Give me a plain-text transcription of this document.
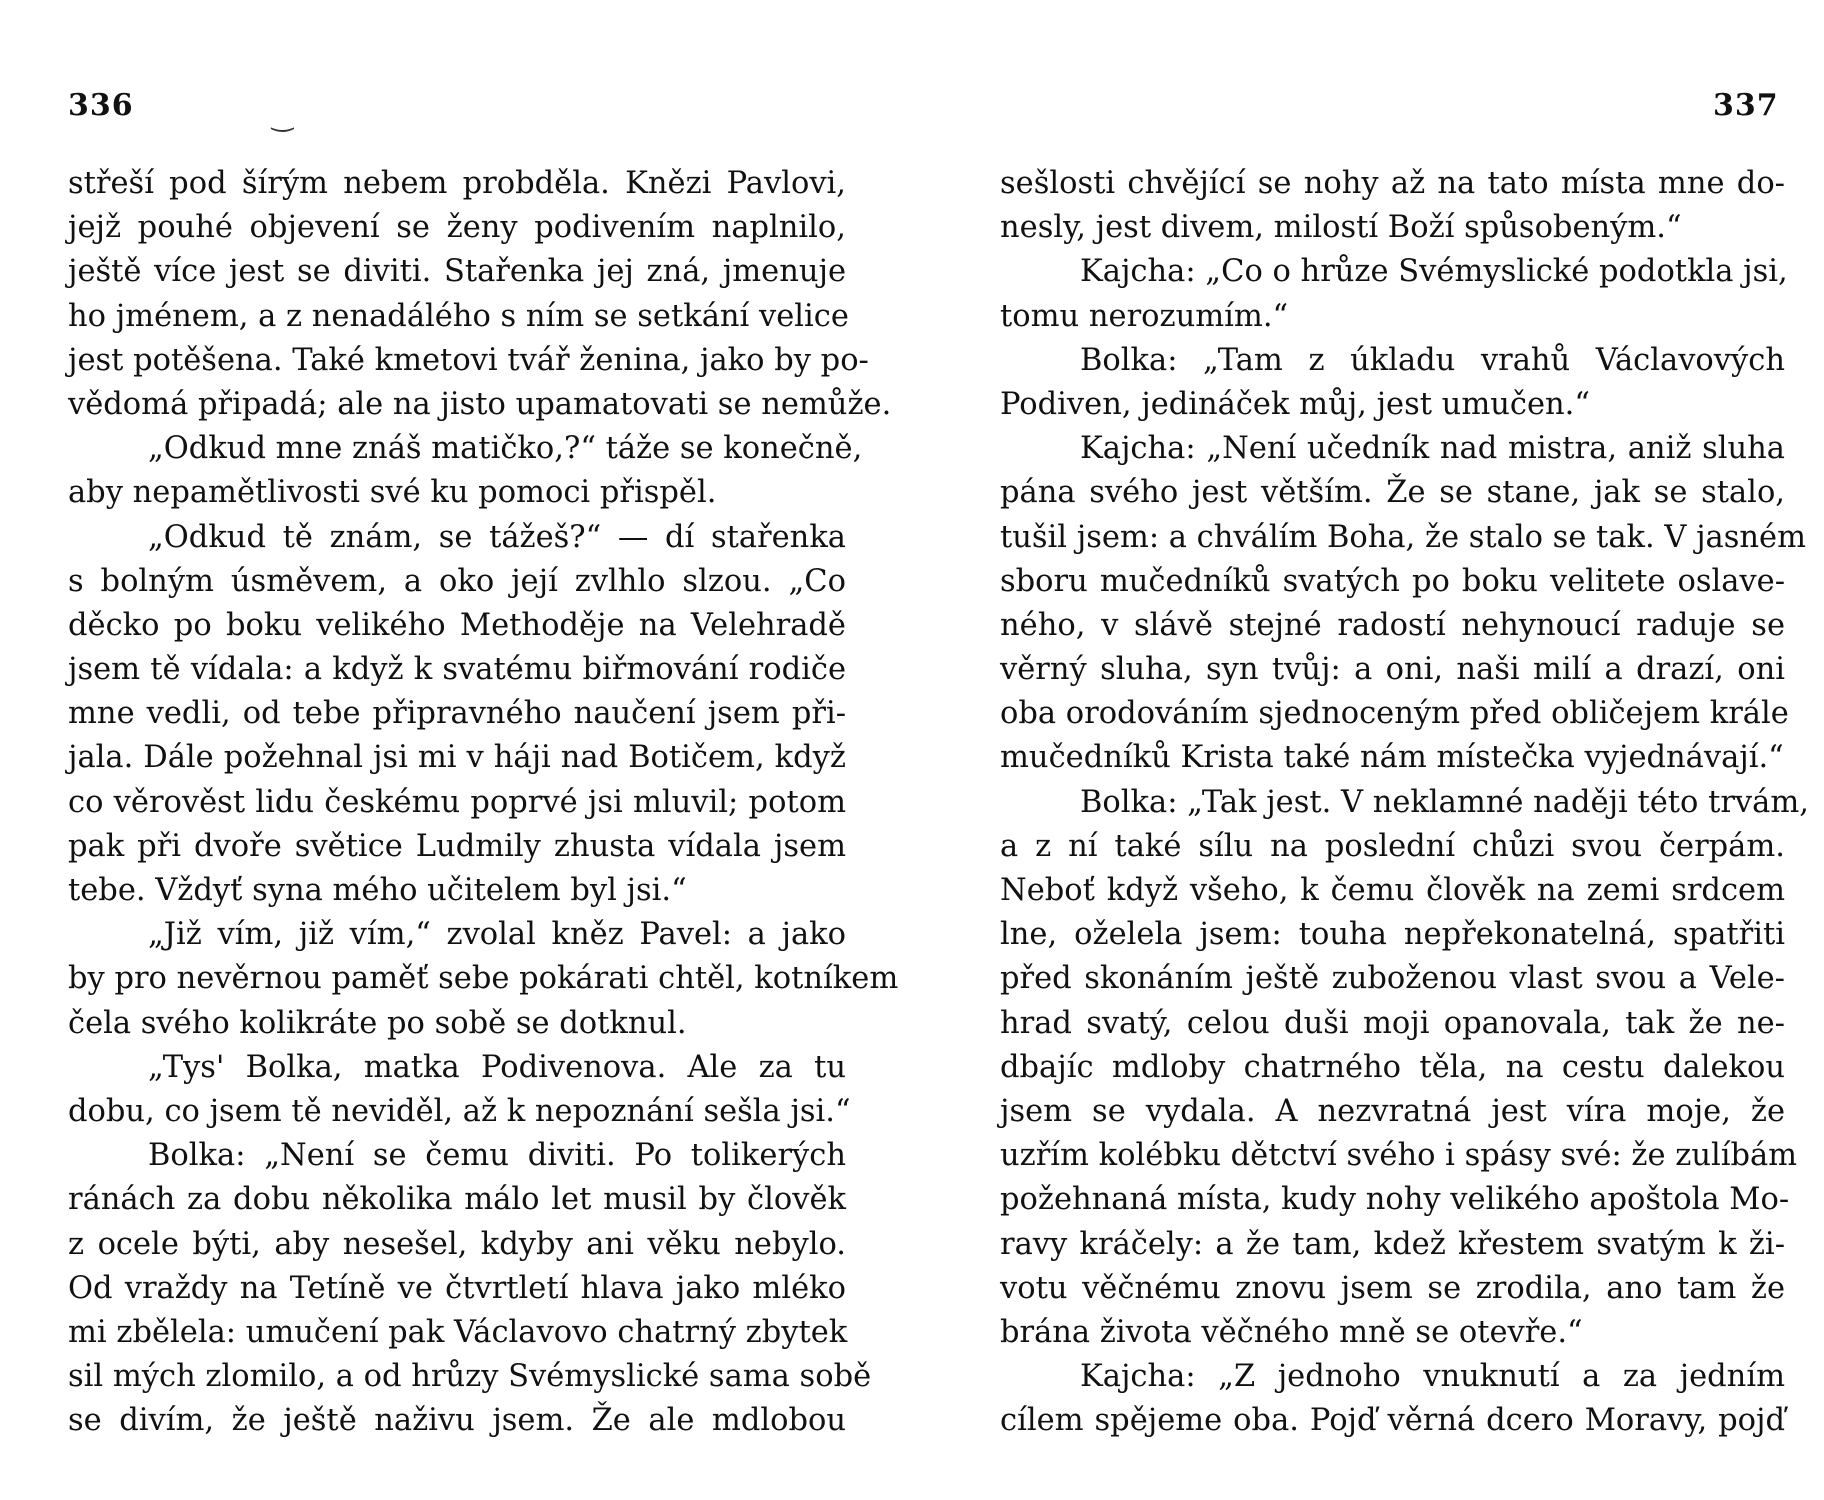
336	‿
střeší pod šírým nebem probděla. Knězi Pavlovi,
jejž pouhé objevení se ženy podivením naplnilo,
ještě více jest se diviti. Stařenka jej zná, jmenuje
ho jménem, a z nenadálého s ním se setkání velice
jest potěšena. Také kmetovi tvář ženina, jako by po-
vědomá připadá; ale na jisto upamatovati se nemůže.
„Odkud mne znáš matičko,?“ táže se konečně,
aby nepamětlivosti své ku pomoci přispěl.
„Odkud tě znám, se tážeš?“ — dí stařenka
s bolným úsměvem, a oko její zvlhlo slzou. „Co
děcko po boku velikého Methoděje na Velehradě
jsem tě vídala: a když k svatému biřmování rodiče
mne vedli, od tebe připravného naučení jsem při-
jala. Dále požehnal jsi mi v háji nad Botičem, když
co věrověst lidu českému poprvé jsi mluvil; potom
pak při dvoře světice Ludmily zhusta vídala jsem
tebe. Vždyť syna mého učitelem byl jsi.“
„Již vím, již vím,“ zvolal kněz Pavel: a jako
by pro nevěrnou paměť sebe pokárati chtěl, kotníkem
čela svého kolikráte po sobě se dotknul.
„Tys' Bolka, matka Podivenova. Ale za tu
dobu, co jsem tě neviděl, až k nepoznání sešla jsi.“
Bolka: „Není se čemu diviti. Po tolikerých
ránách za dobu několika málo let musil by člověk
z ocele býti, aby nesešel, kdyby ani věku nebylo.
Od vraždy na Tetíně ve čtvrtletí hlava jako mléko
mi zbělela: umučení pak Václavovo chatrný zbytek
sil mých zlomilo, a od hrůzy Svémyslické sama sobě
se divím, že ještě naživu jsem. Že ale mdlobou
337
sešlosti chvějící se nohy až na tato místa mne do-
nesly, jest divem, milostí Boží spůsobeným.“
Kajcha: „Co o hrůze Svémyslické podotkla jsi,
tomu nerozumím.“
Bolka: „Tam z úkladu vrahů Václavových
Podiven, jedináček můj, jest umučen.“
Kajcha: „Není učedník nad mistra, aniž sluha
pána svého jest větším. Že se stane, jak se stalo,
tušil jsem: a chválím Boha, že stalo se tak. V jasném
sboru mučedníků svatých po boku velitete oslave-
ného, v slávě stejné radostí nehynoucí raduje se
věrný sluha, syn tvůj: a oni, naši milí a drazí, oni
oba orodováním sjednoceným před obličejem krále
mučedníků Krista také nám místečka vyjednávají.“
Bolka: „Tak jest. V neklamné naději této trvám,
a z ní také sílu na poslední chůzi svou čerpám.
Neboť když všeho, k čemu člověk na zemi srdcem
lne, oželela jsem: touha nepřekonatelná, spatřiti
před skonáním ještě zuboženou vlast svou a Vele-
hrad svatý, celou duši moji opanovala, tak že ne-
dbajíc mdloby chatrného těla, na cestu dalekou
jsem se vydala. A nezvratná jest víra moje, že
uzřím kolébku dětctví svého i spásy své: že zulíbám
požehnaná místa, kudy nohy velikého apoštola Mo-
ravy kráčely: a že tam, kdež křestem svatým k ži-
votu věčnému znovu jsem se zrodila, ano tam že
brána života věčného mně se otevře.“
Kajcha: „Z jednoho vnuknutí a za jedním
cílem spějeme oba. Pojď věrná dcero Moravy, pojď
